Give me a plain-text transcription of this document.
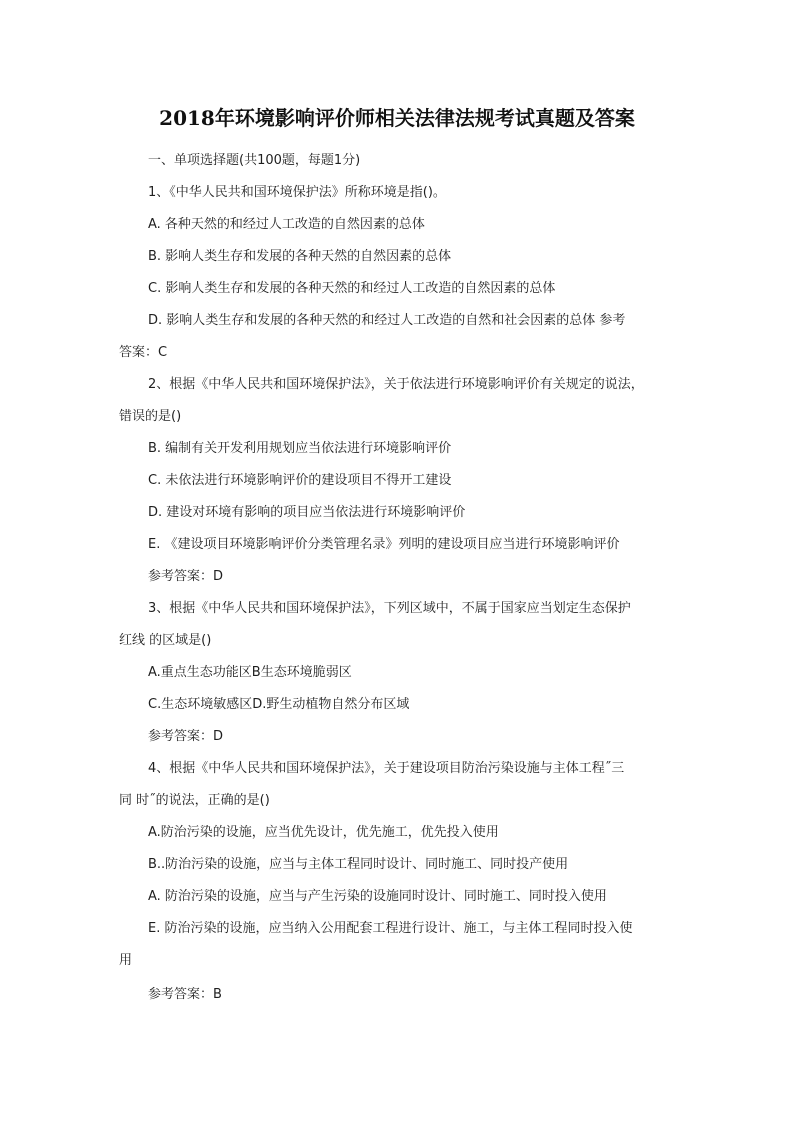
2018年环境影响评价师相关法律法规考试真题及答案
一、单项选择题(共100题，每题1分)
1、《中华人民共和国环境保护法》所称环境是指()。
A. 各种天然的和经过人工改造的自然因素的总体
B. 影响人类生存和发展的各种天然的自然因素的总体
C. 影响人类生存和发展的各种天然的和经过人工改造的自然因素的总体
D. 影响人类生存和发展的各种天然的和经过人工改造的自然和社会因素的总体 参考
答案：C
2、根据《中华人民共和国环境保护法》，关于依法进行环境影响评价有关规定的说法，
错误的是()
B. 编制有关开发利用规划应当依法进行环境影响评价
C. 未依法进行环境影响评价的建设项目不得开工建设
D. 建设对环境有影响的项目应当依法进行环境影响评价
E. 《建设项目环境影响评价分类管理名录》列明的建设项目应当进行环境影响评价
参考答案：D
3、根据《中华人民共和国环境保护法》，下列区域中，不属于国家应当划定生态保护
红线 的区域是()
A.重点生态功能区B生态环境脆弱区
C.生态环境敏感区D.野生动植物自然分布区域
参考答案：D
4、根据《中华人民共和国环境保护法》，关于建设项目防治污染设施与主体工程˝三
同 时˝的说法，正确的是()
A.防治污染的设施，应当优先设计，优先施工，优先投入使用
B..防治污染的设施，应当与主体工程同时设计、同时施工、同时投产使用
A. 防治污染的设施，应当与产生污染的设施同时设计、同时施工、同时投入使用
E. 防治污染的设施，应当纳入公用配套工程进行设计、施工，与主体工程同时投入使
用
参考答案：B
